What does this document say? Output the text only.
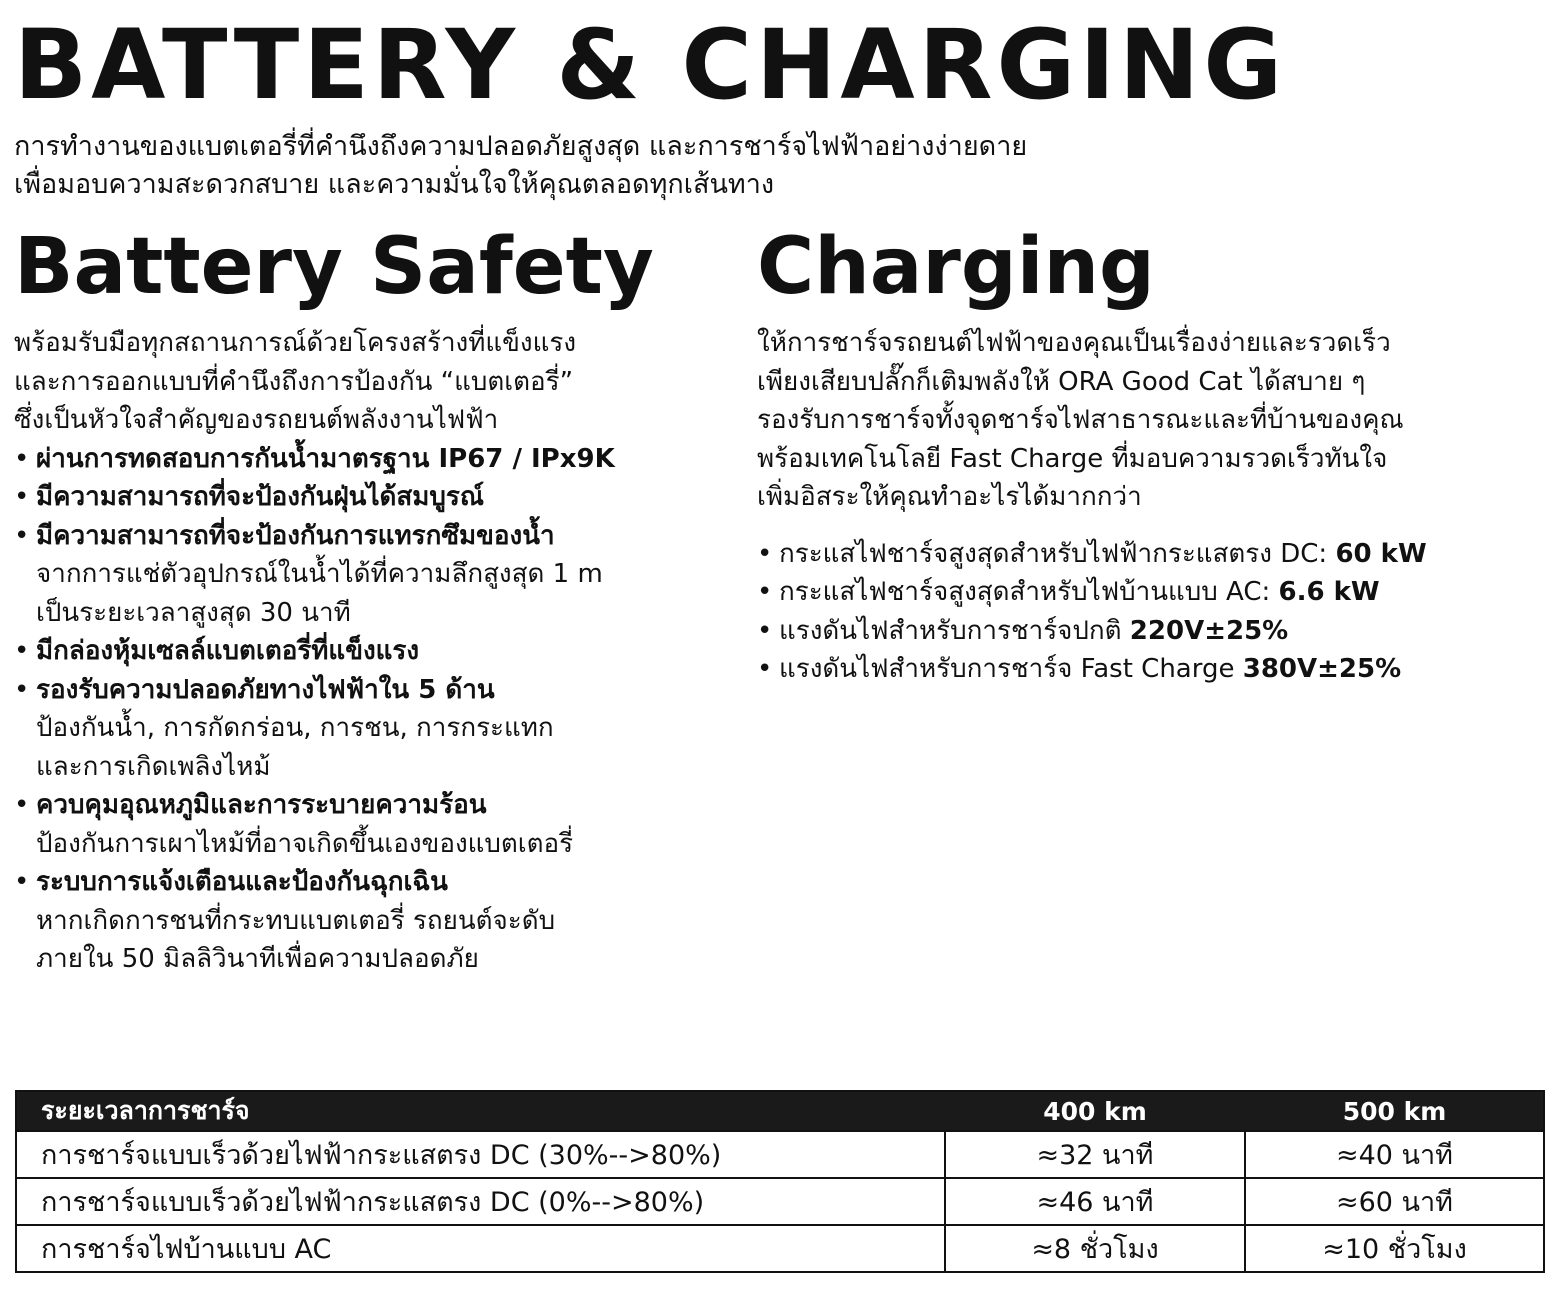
BATTERY & CHARGING
การทำงานของแบตเตอรี่ที่คำนึงถึงความปลอดภัยสูงสุด และการชาร์จไฟฟ้าอย่างง่ายดาย
เพื่อมอบความสะดวกสบาย และความมั่นใจให้คุณตลอดทุกเส้นทาง
Battery Safety Charging
พร้อมรับมือทุกสถานการณ์ด้วยโครงสร้างที่แข็งแรง
และการออกแบบที่คำนึงถึงการป้องกัน “แบตเตอรี่”
ซึ่งเป็นหัวใจสำคัญของรถยนต์พลังงานไฟฟ้า
• ผ่านการทดสอบการกันน้ำมาตรฐาน IP67 / IPx9K
• มีความสามารถที่จะป้องกันฝุ่นได้สมบูรณ์
• มีความสามารถที่จะป้องกันการแทรกซึมของน้ำ
จากการแช่ตัวอุปกรณ์ในน้ำได้ที่ความลึกสูงสุด 1 m
เป็นระยะเวลาสูงสุด 30 นาที
• มีกล่องหุ้มเซลล์แบตเตอรี่ที่แข็งแรง
• รองรับความปลอดภัยทางไฟฟ้าใน 5 ด้าน
ป้องกันน้ำ, การกัดกร่อน, การชน, การกระแทก
และการเกิดเพลิงไหม้
• ควบคุมอุณหภูมิและการระบายความร้อน
ป้องกันการเผาไหม้ที่อาจเกิดขึ้นเองของแบตเตอรี่
• ระบบการแจ้งเตือนและป้องกันฉุกเฉิน
หากเกิดการชนที่กระทบแบตเตอรี่ รถยนต์จะดับ
ภายใน 50 มิลลิวินาทีเพื่อความปลอดภัย
ให้การชาร์จรถยนต์ไฟฟ้าของคุณเป็นเรื่องง่ายและรวดเร็ว
เพียงเสียบปลั๊กก็เติมพลังให้ ORA Good Cat ได้สบาย ๆ
รองรับการชาร์จทั้งจุดชาร์จไฟสาธารณะและที่บ้านของคุณ
พร้อมเทคโนโลยี Fast Charge ที่มอบความรวดเร็วทันใจ
เพิ่มอิสระให้คุณทำอะไรได้มากกว่า
• กระแสไฟชาร์จสูงสุดสำหรับไฟฟ้ากระแสตรง DC:
60 kW
• กระแสไฟชาร์จสูงสุดสำหรับไฟบ้านแบบ AC:
6.6 kW
• แรงดันไฟสำหรับการชาร์จปกติ
220V±25%
• แรงดันไฟสำหรับการชาร์จ Fast Charge
380V±25%
ระยะเวลาการชาร์จ	400 km	500 km
การชาร์จแบบเร็วด้วยไฟฟ้ากระแสตรง DC (30%-->80%)	≈32 นาที	≈40 นาที
การชาร์จแบบเร็วด้วยไฟฟ้ากระแสตรง DC (0%-->80%)	≈46 นาที	≈60 นาที
การชาร์จไฟบ้านแบบ AC	≈8 ชั่วโมง	≈10 ชั่วโมง
